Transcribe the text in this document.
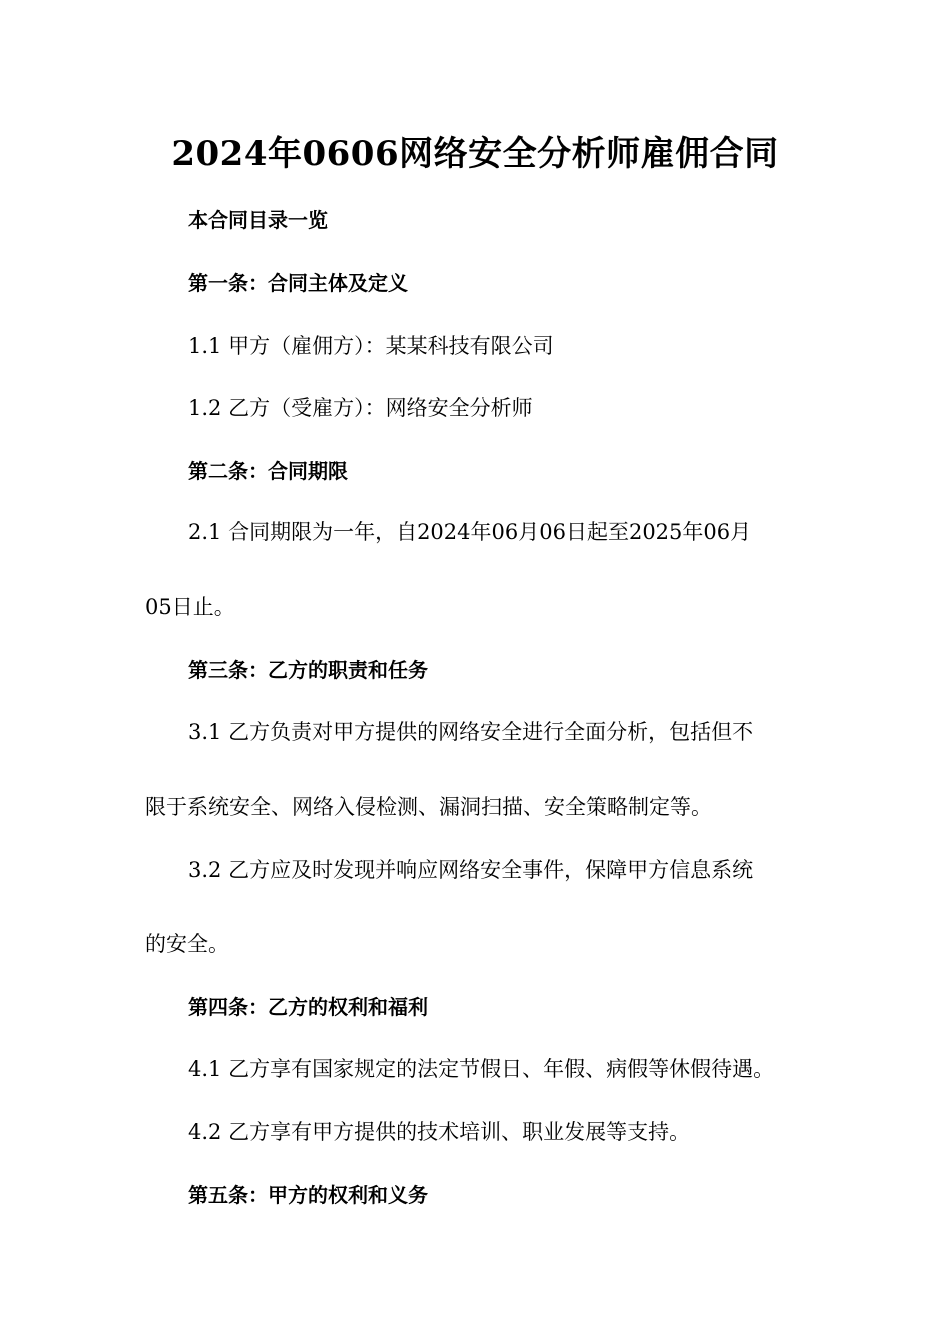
2024年0606网络安全分析师雇佣合同

本合同目录一览

第一条：合同主体及定义

1.1 甲方（雇佣方）：某某科技有限公司

1.2 乙方（受雇方）：网络安全分析师

第二条：合同期限

2.1 合同期限为一年，自2024年06月06日起至2025年06月

05日止。

第三条：乙方的职责和任务

3.1 乙方负责对甲方提供的网络安全进行全面分析，包括但不

限于系统安全、网络入侵检测、漏洞扫描、安全策略制定等。

3.2 乙方应及时发现并响应网络安全事件，保障甲方信息系统

的安全。

第四条：乙方的权利和福利

4.1 乙方享有国家规定的法定节假日、年假、病假等休假待遇。

4.2 乙方享有甲方提供的技术培训、职业发展等支持。

第五条：甲方的权利和义务
